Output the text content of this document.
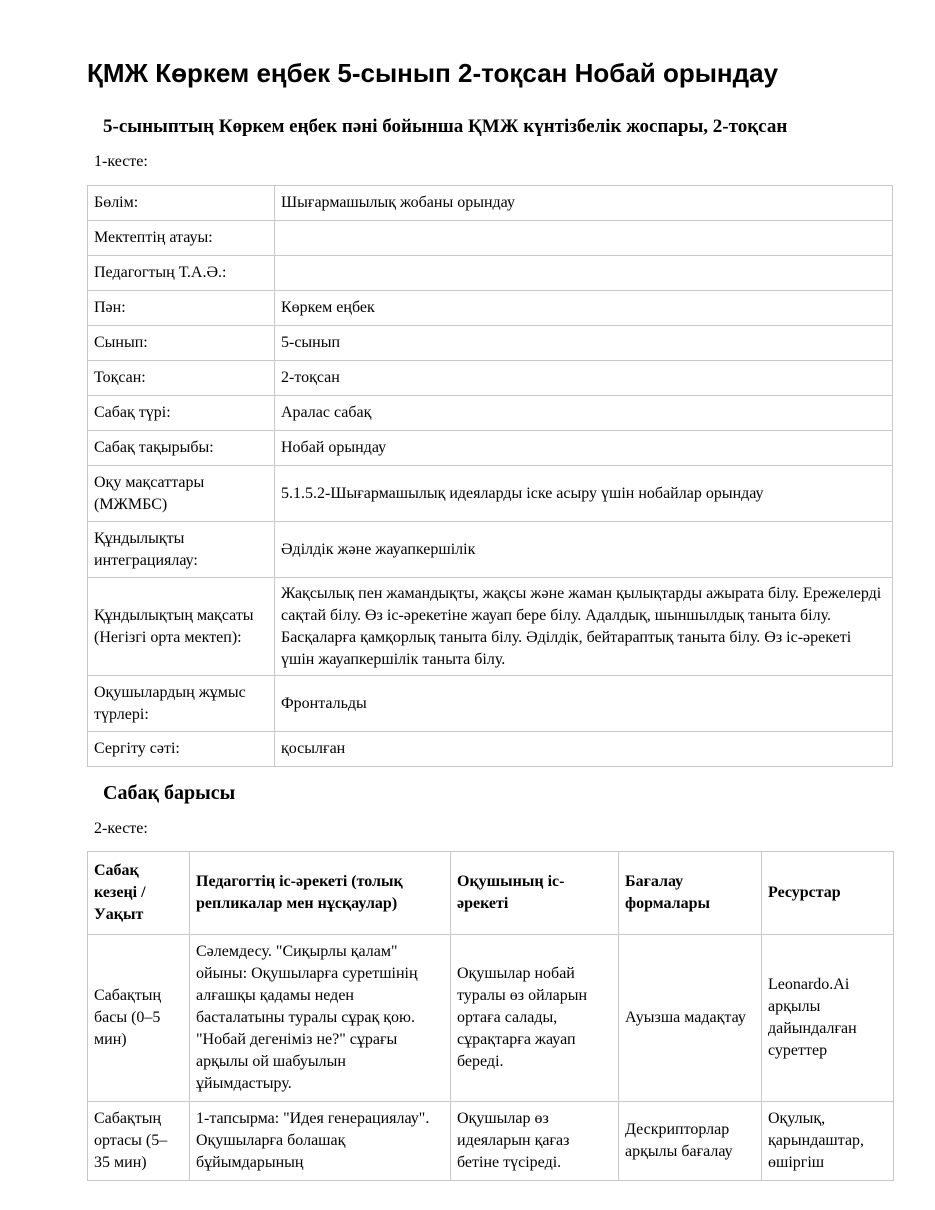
ҚМЖ Көркем еңбек 5-сынып 2-тоқсан Нобай орындау
5-сыныптың Көркем еңбек пәні бойынша ҚМЖ күнтізбелік жоспары, 2-тоқсан
1-кесте:
Бөлім:	Шығармашылық жобаны орындау
Мектептің атауы:	
Педагогтың Т.А.Ә.:	
Пән:	Көркем еңбек
Сынып:	5-сынып
Тоқсан:	2-тоқсан
Сабақ түрі:	Аралас сабақ
Сабақ тақырыбы:	Нобай орындау
Оқу мақсаттары (МЖМБС)	5.1.5.2-Шығармашылық идеяларды іске асыру үшін нобайлар орындау
Құндылықты интеграциялау:	Әділдік және жауапкершілік
Құндылықтың мақсаты (Негізгі орта мектеп):	Жақсылық пен жамандықты, жақсы және жаман қылықтарды ажырата білу. Ережелерді сақтай білу. Өз іс-әрекетіне жауап бере білу. Адалдық, шыншылдық таныта білу. Басқаларға қамқорлық таныта білу. Әділдік, бейтараптық таныта білу. Өз іс-әрекеті үшін жауапкершілік таныта білу.
Оқушылардың жұмыс түрлері:	Фронтальды
Сергіту сәті:	қосылған
Сабақ барысы
2-кесте:
Сабақ кезеңі / Уақыт	Педагогтің іс-әрекеті (толық репликалар мен нұсқаулар)	Оқушының іс-әрекеті	Бағалау формалары	Ресурстар
Сабақтың басы (0–5 мин)	Сәлемдесу. "Сиқырлы қалам" ойыны: Оқушыларға суретшінің алғашқы қадамы неден басталатыны туралы сұрақ қою. "Нобай дегеніміз не?" сұрағы арқылы ой шабуылын ұйымдастыру.	Оқушылар нобай туралы өз ойларын ортаға салады, сұрақтарға жауап береді.	Ауызша мадақтау	Leonardo.Ai арқылы дайындалған суреттер
Сабақтың ортасы (5–35 мин)	1-тапсырма: "Идея генерациялау". Оқушыларға болашақ бұйымдарының	Оқушылар өз идеяларын қағаз бетіне түсіреді.	Дескрипторлар арқылы бағалау	Оқулық, қарындаштар, өшіргіш
